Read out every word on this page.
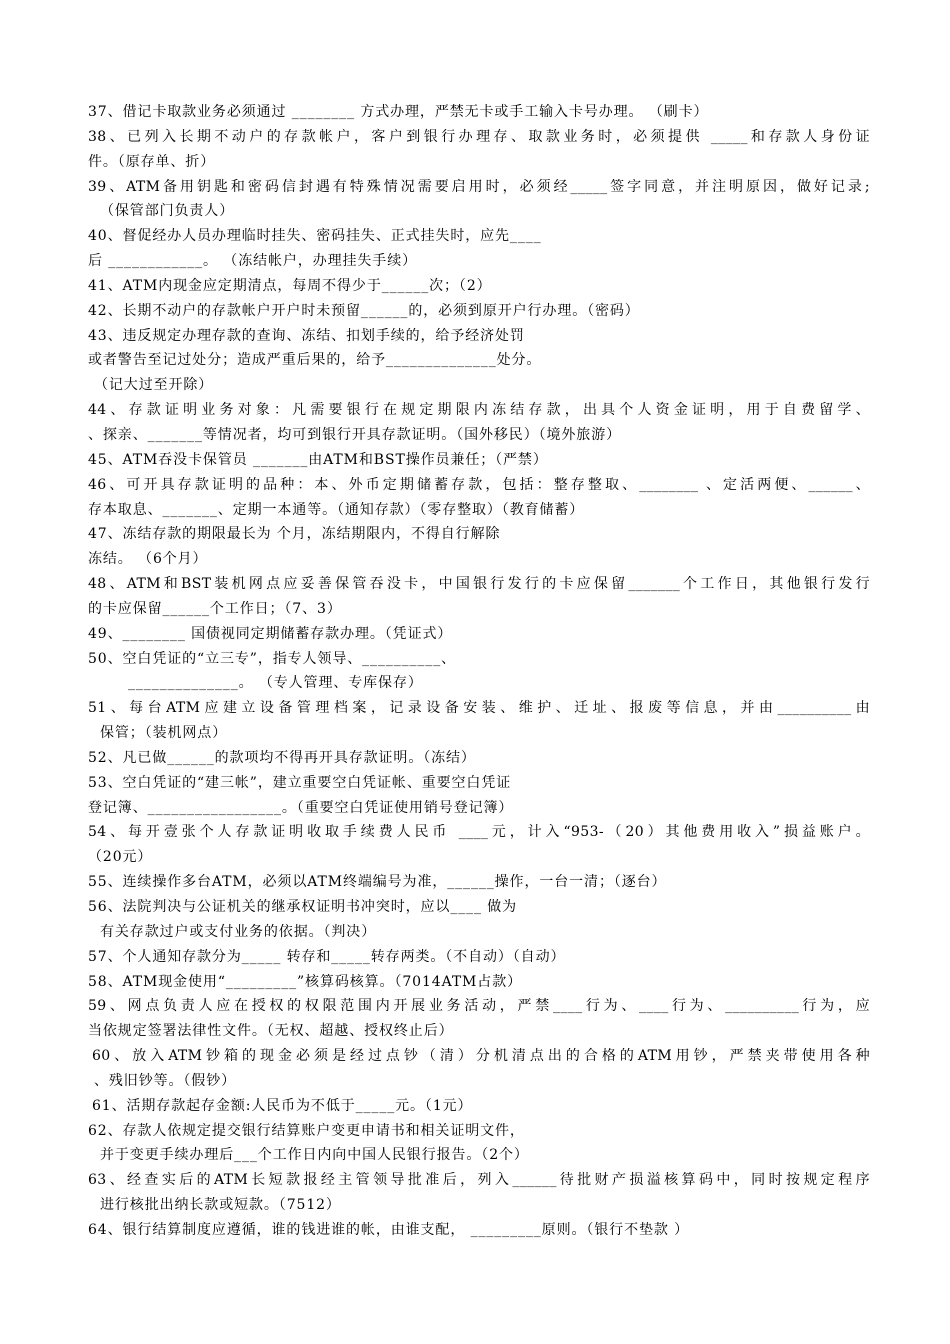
37、借记卡取款业务必须通过 ________ 方式办理，严禁无卡或手工输入卡号办理。 （刷卡）
38、已列入长期不动户的存款帐户，客户到银行办理存、取款业务时，必须提供 _____和存款人身份证
件。（原存单、折）
39、ATM备用钥匙和密码信封遇有特殊情况需要启用时，必须经_____签字同意，并注明原因，做好记录;
（保管部门负责人）
40、督促经办人员办理临时挂失、密码挂失、正式挂失时，应先____
后 ____________。 （冻结帐户，办理挂失手续）
41、ATM内现金应定期清点，每周不得少于______次；（2）
42、长期不动户的存款帐户开户时未预留______的，必须到原开户行办理。（密码）
43、违反规定办理存款的查询、冻结、扣划手续的，给予经济处罚
或者警告至记过处分；造成严重后果的，给予______________处分。
（记大过至开除）
44、存款证明业务对象：凡需要银行在规定期限内冻结存款，出具个人资金证明，用于自费留学、
、探亲、_______等情况者，均可到银行开具存款证明。（国外移民）（境外旅游）
45、ATM吞没卡保管员 _______由ATM和BST操作员兼任；（严禁）
46、可开具存款证明的品种：本、外币定期储蓄存款，包括：整存整取、________ 、定活两便、______、
存本取息、_______、定期一本通等。（通知存款）（零存整取）（教育储蓄）
47、冻结存款的期限最长为 个月，冻结期限内，不得自行解除
冻结。 （6个月）
48、ATM和BST装机网点应妥善保管吞没卡，中国银行发行的卡应保留_______个工作日，其他银行发行
的卡应保留______个工作日；（7、3）
49、________ 国债视同定期储蓄存款办理。（凭证式）
50、空白凭证的“立三专”，指专人领导、__________、
______________。 （专人管理、专库保存）
51、每台ATM应建立设备管理档案，记录设备安装、维护、迁址、报废等信息，并由__________由
保管；（装机网点）
52、凡已做______的款项均不得再开具存款证明。（冻结）
53、空白凭证的“建三帐”，建立重要空白凭证帐、重要空白凭证
登记簿、_________________。（重要空白凭证使用销号登记簿）
54、每开壹张个人存款证明收取手续费人民币 ____元，计入“953-（20）其他费用收入”损益账户。
（20元）
55、连续操作多台ATM，必须以ATM终端编号为准，______操作，一台一清；（逐台）
56、法院判决与公证机关的继承权证明书冲突时，应以____ 做为
有关存款过户或支付业务的依据。（判决）
57、个人通知存款分为_____ 转存和_____转存两类。（不自动）（自动）
58、ATM现金使用“_________”核算码核算。（7014ATM占款）
59、网点负责人应在授权的权限范围内开展业务活动，严禁____行为、____行为、__________行为，应
当依规定签署法律性文件。（无权、超越、授权终止后）
60、放入ATM钞箱的现金必须是经过点钞（清）分机清点出的合格的ATM用钞，严禁夹带使用各种
、残旧钞等。（假钞）
61、活期存款起存金额:人民币为不低于_____元。（1元）
62、存款人依规定提交银行结算账户变更申请书和相关证明文件，
并于变更手续办理后___个工作日内向中国人民银行报告。（2个）
63、经查实后的ATM长短款报经主管领导批准后，列入______待批财产损溢核算码中，同时按规定程序
进行核批出纳长款或短款。（7512）
64、银行结算制度应遵循，谁的钱进谁的帐，由谁支配， _________原则。（银行不垫款 ）
